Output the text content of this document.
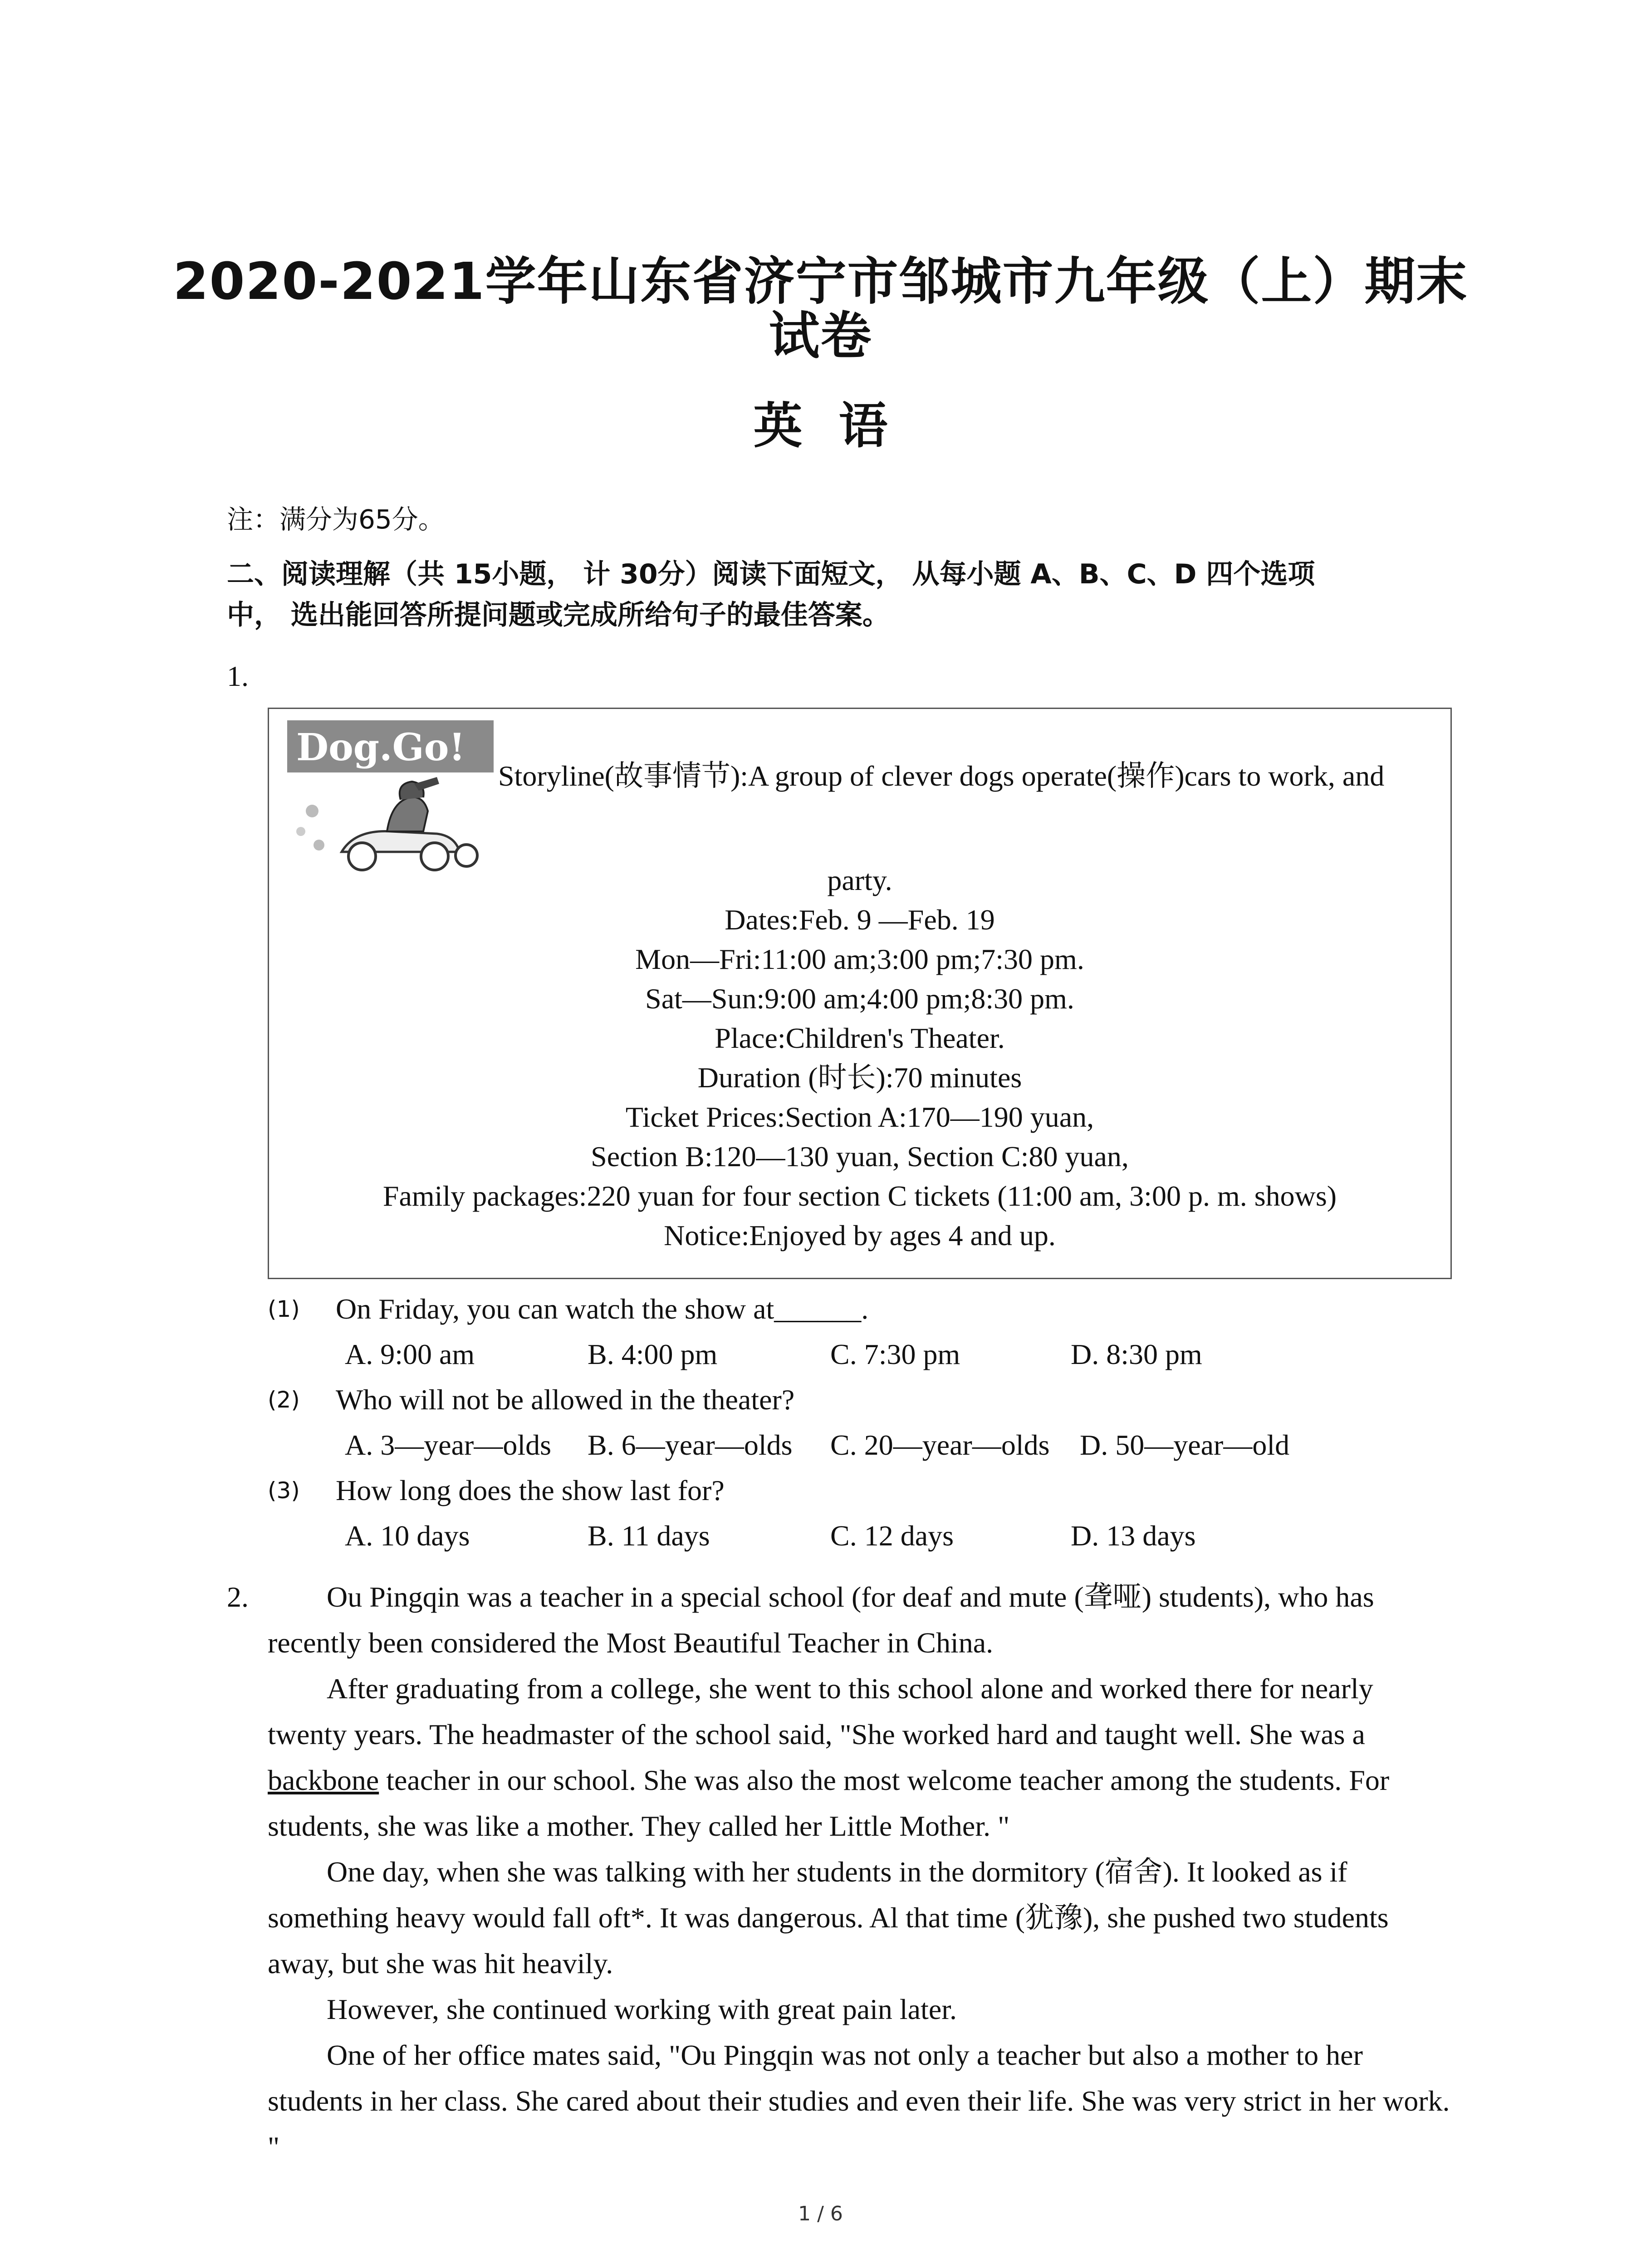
2020-2021学年山东省济宁市邹城市九年级（上）期末
试卷
英语
注：满分为65分。
二、阅读理解（共 15小题， 计 30分）阅读下面短文， 从每小题 A、B、C、D 四个选项
中， 选出能回答所提问题或完成所给句子的最佳答案。
1.
Dog.Go!
Storyline(故事情节):A group of clever dogs operate(操作)cars to work, and
party.
Dates:Feb. 9 —Feb. 19
Mon—Fri:11:00 am;3:00 pm;7:30 pm.
Sat—Sun:9:00 am;4:00 pm;8:30 pm.
Place:Children's Theater.
Duration (时长):70 minutes
Ticket Prices:Section A:170—190 yuan,
Section B:120—130 yuan, Section C:80 yuan,
Family packages:220 yuan for four section C tickets (11:00 am, 3:00 p. m. shows)
Notice:Enjoyed by ages 4 and up.
(1) On Friday, you can watch the show at______.
A. 9:00 am	B. 4:00 pm	C. 7:30 pm	D. 8:30 pm
(2) Who will not be allowed in the theater?
A. 3—year—olds B. 6—year—olds C. 20—year—olds D. 50—year—old
(3) How long does the show last for?
A. 10 days	B. 11 days	C. 12 days	D. 13 days
2.	Ou Pingqin was a teacher in a special school (for deaf and mute (聋哑) students), who has recently been considered the Most Beautiful Teacher in China.

After graduating from a college, she went to this school alone and worked there for nearly twenty years. The headmaster of the school said, "She worked hard and taught well. She was a backbone teacher in our school. She was also the most welcome teacher among the students. For students, she was like a mother. They called her Little Mother. "

One day, when she was talking with her students in the dormitory (宿舍). It looked as if something heavy would fall oft*. It was dangerous. Al that time (犹豫), she pushed two students away, but she was hit heavily.

However, she continued working with great pain later.

One of her office mates said, "Ou Pingqin was not only a teacher but also a mother to her students in her class. She cared about their studies and even their life. She was very strict in her work. "

1 / 6
